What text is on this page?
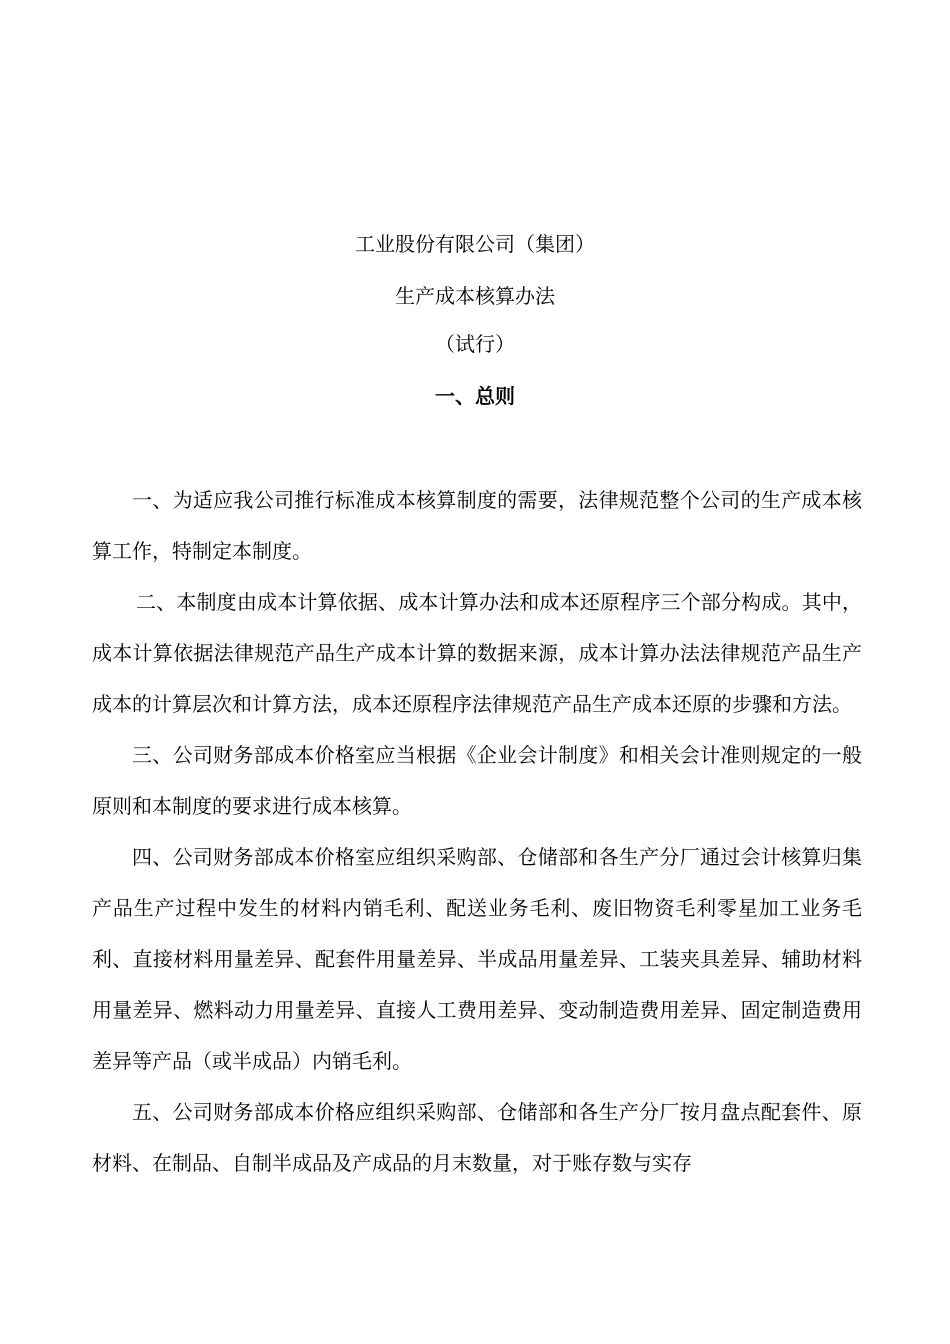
工业股份有限公司（集团）
生产成本核算办法
（试行）
一、总则

一、为适应我公司推行标准成本核算制度的需要，法律规范整个公司的生产成本核算工作，特制定本制度。

二、本制度由成本计算依据、成本计算办法和成本还原程序三个部分构成。其中，成本计算依据法律规范产品生产成本计算的数据来源，成本计算办法法律规范产品生产成本的计算层次和计算方法，成本还原程序法律规范产品生产成本还原的步骤和方法。

三、公司财务部成本价格室应当根据《企业会计制度》和相关会计准则规定的一般原则和本制度的要求进行成本核算。

四、公司财务部成本价格室应组织采购部、仓储部和各生产分厂通过会计核算归集产品生产过程中发生的材料内销毛利、配送业务毛利、废旧物资毛利零星加工业务毛利、直接材料用量差异、配套件用量差异、半成品用量差异、工装夹具差异、辅助材料用量差异、燃料动力用量差异、直接人工费用差异、变动制造费用差异、固定制造费用差异等产品（或半成品）内销毛利。

五、公司财务部成本价格应组织采购部、仓储部和各生产分厂按月盘点配套件、原材料、在制品、自制半成品及产成品的月末数量，对于账存数与实存
